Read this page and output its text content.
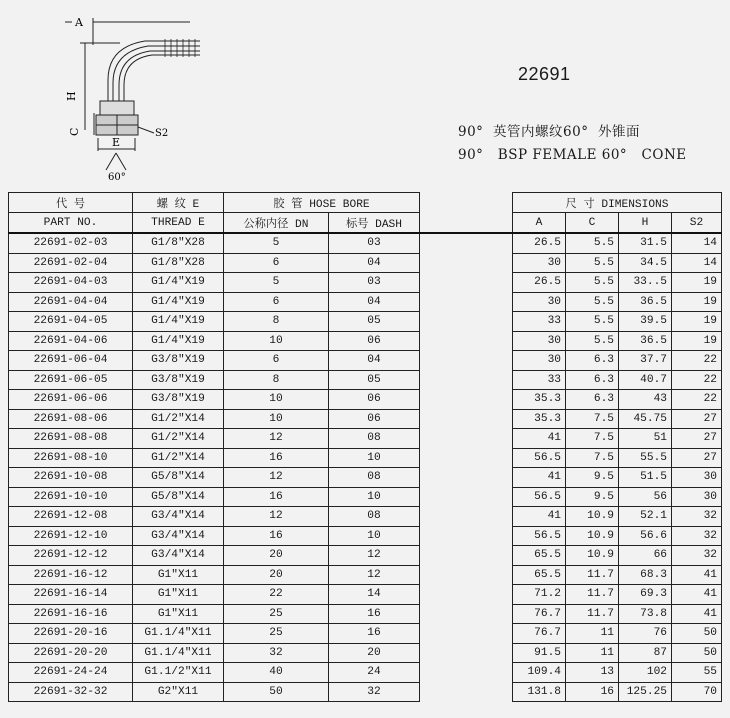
A
H
C
E
S2
60°
22691
90°  英管内螺纹60°  外锥面
90°   BSP FEMALE 60°   CONE
代 号	螺 纹 E	胶 管 HOSE BORE			尺 寸 DIMENSIONS			
PART NO.	THREAD E	公称内径 DN	标号 DASH		A	C	H	S2
22691-02-03	G1/8"X28	5	03		26.5	5.5	31.5	14
22691-02-04	G1/8"X28	6	04		30	5.5	34.5	14
22691-04-03	G1/4"X19	5	03		26.5	5.5	33..5	19
22691-04-04	G1/4"X19	6	04		30	5.5	36.5	19
22691-04-05	G1/4"X19	8	05		33	5.5	39.5	19
22691-04-06	G1/4"X19	10	06		30	5.5	36.5	19
22691-06-04	G3/8"X19	6	04		30	6.3	37.7	22
22691-06-05	G3/8"X19	8	05		33	6.3	40.7	22
22691-06-06	G3/8"X19	10	06		35.3	6.3	43	22
22691-08-06	G1/2"X14	10	06		35.3	7.5	45.75	27
22691-08-08	G1/2"X14	12	08		41	7.5	51	27
22691-08-10	G1/2"X14	16	10		56.5	7.5	55.5	27
22691-10-08	G5/8"X14	12	08		41	9.5	51.5	30
22691-10-10	G5/8"X14	16	10		56.5	9.5	56	30
22691-12-08	G3/4"X14	12	08		41	10.9	52.1	32
22691-12-10	G3/4"X14	16	10		56.5	10.9	56.6	32
22691-12-12	G3/4"X14	20	12		65.5	10.9	66	32
22691-16-12	G1"X11	20	12		65.5	11.7	68.3	41
22691-16-14	G1"X11	22	14		71.2	11.7	69.3	41
22691-16-16	G1"X11	25	16		76.7	11.7	73.8	41
22691-20-16	G1.1/4"X11	25	16		76.7	11	76	50
22691-20-20	G1.1/4"X11	32	20		91.5	11	87	50
22691-24-24	G1.1/2"X11	40	24		109.4	13	102	55
22691-32-32	G2"X11	50	32		131.8	16	125.25	70
